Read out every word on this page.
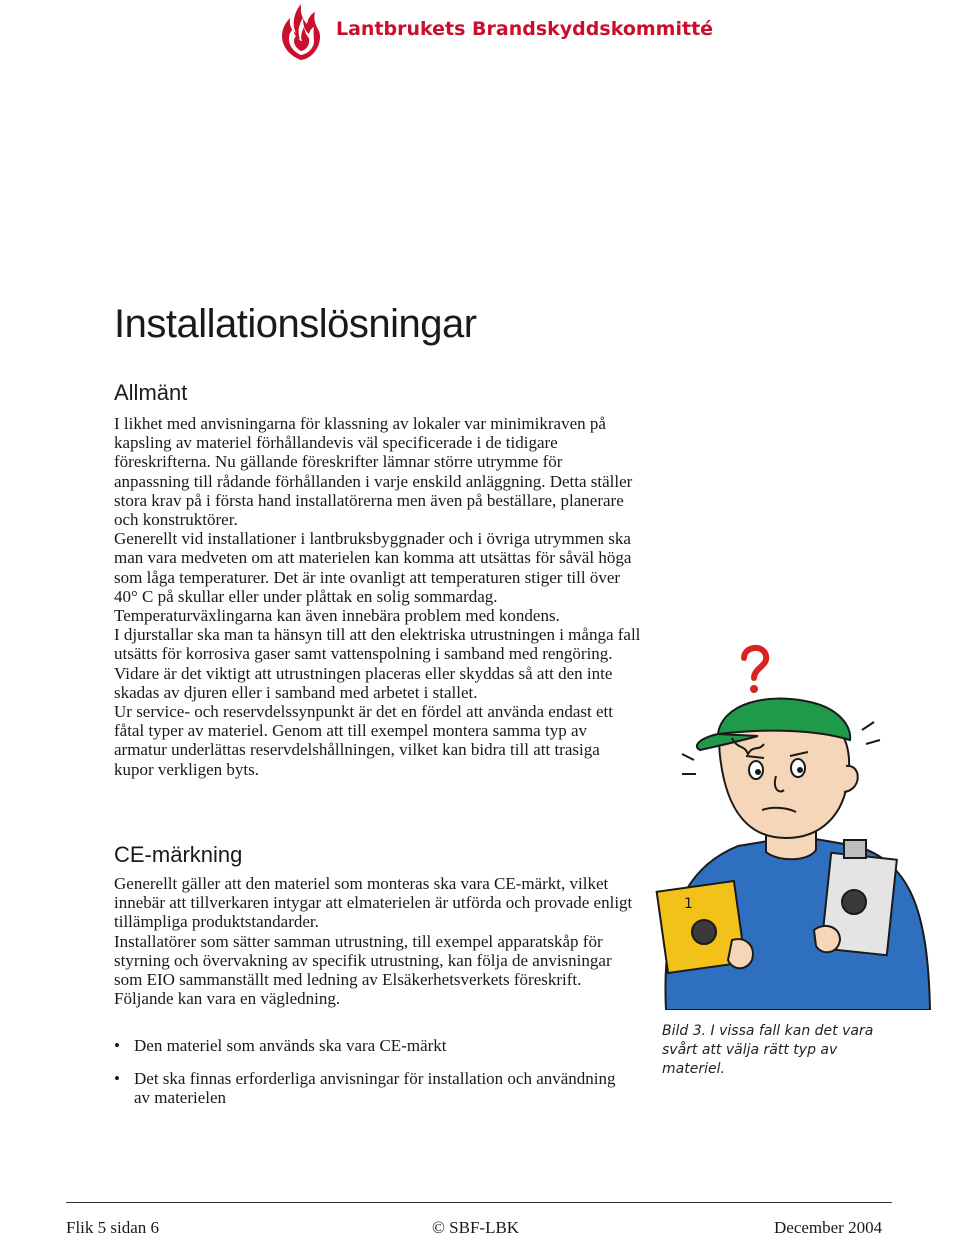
Lantbrukets Brandskyddskommitté
Installationslösningar
Allmänt

I likhet med anvisningarna för klassning av lokaler var minimikraven på kapsling av materiel förhållandevis väl specificerade i de tidigare föreskrifterna. Nu gällande föreskrifter lämnar större utrymme för anpassning till rådande förhållanden i varje enskild anläggning. Detta ställer stora krav på i första hand installatörerna men även på beställare, planerare och konstruktörer.

Generellt vid installationer i lantbruksbyggnader och i övriga utrymmen ska man vara medveten om att materielen kan komma att utsättas för såväl höga som låga temperaturer. Det är inte ovanligt att temperaturen stiger till över 40° C på skullar eller under plåttak en solig sommardag. Temperaturväxlingarna kan även innebära problem med kondens.

I djurstallar ska man ta hänsyn till att den elektriska utrustningen i många fall utsätts för korrosiva gaser samt vattenspolning i samband med rengöring. Vidare är det viktigt att utrustningen placeras eller skyddas så att den inte skadas av djuren eller i samband med arbetet i stallet.

Ur service- och reservdelssynpunkt är det en fördel att använda endast ett fåtal typer av materiel. Genom att till exempel montera samma typ av armatur underlättas reservdelshållningen, vilket kan bidra till att trasiga kupor verkligen byts.

CE-märkning

Generellt gäller att den materiel som monteras ska vara CE-märkt, vilket innebär att tillverkaren intygar att elmaterielen är utförda och provade enligt tillämpliga produktstandarder.

Installatörer som sätter samman utrustning, till exempel apparatskåp för styrning och övervakning av specifik utrustning, kan följa de anvisningar som EIO sammanställt med ledning av Elsäkerhetsverkets föreskrift.

Följande kan vara en vägledning.

• Den materiel som används ska vara CE-märkt
• Det ska finnas erforderliga anvisningar för installation och användning av materielen
1
Bild 3. I vissa fall kan det vara svårt att välja rätt typ av materiel.
Flik 5 sidan 6	© SBF-LBK	December 2004
